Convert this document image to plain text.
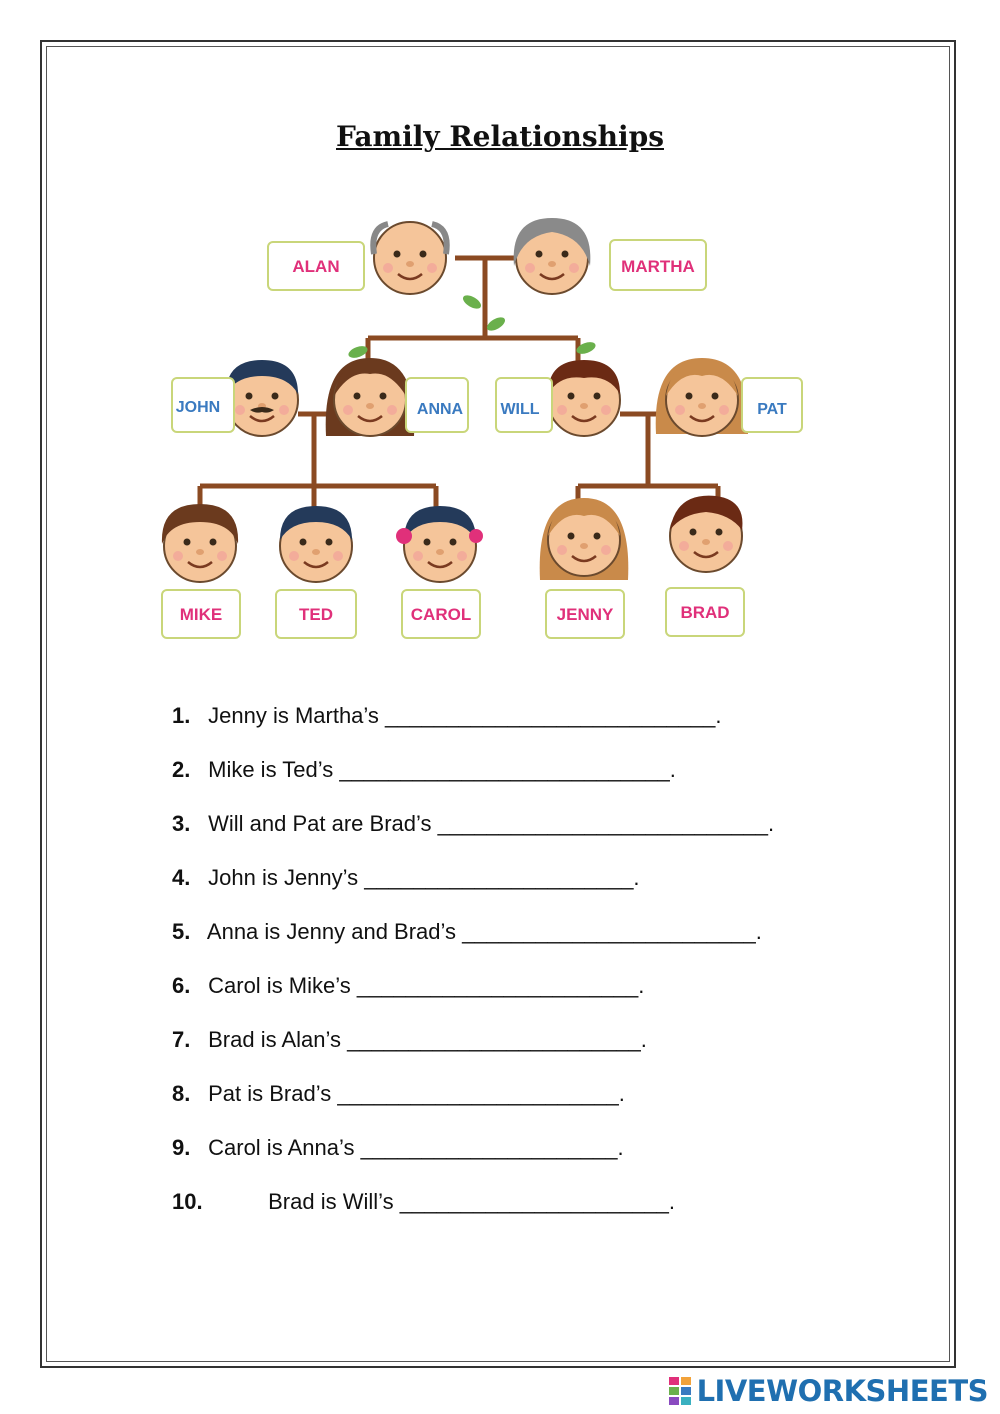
Family Relationships
ALAN	MARTHA
JOHN	ANNA WILL	PAT
MIKE	TED	CAROL	JENNY	BRAD
1. Jenny is Martha’s ___________________________.
2. Mike is Ted’s ___________________________.
3. Will and Pat are Brad’s ___________________________.
4. John is Jenny’s ______________________.
5. Anna is Jenny and Brad’s ________________________.
6. Carol is Mike’s _______________________.
7. Brad is Alan’s ________________________.
8. Pat is Brad’s _______________________.
9. Carol is Anna’s _____________________.
10.	Brad is Will’s ______________________.
LIVEWORKSHEETS
